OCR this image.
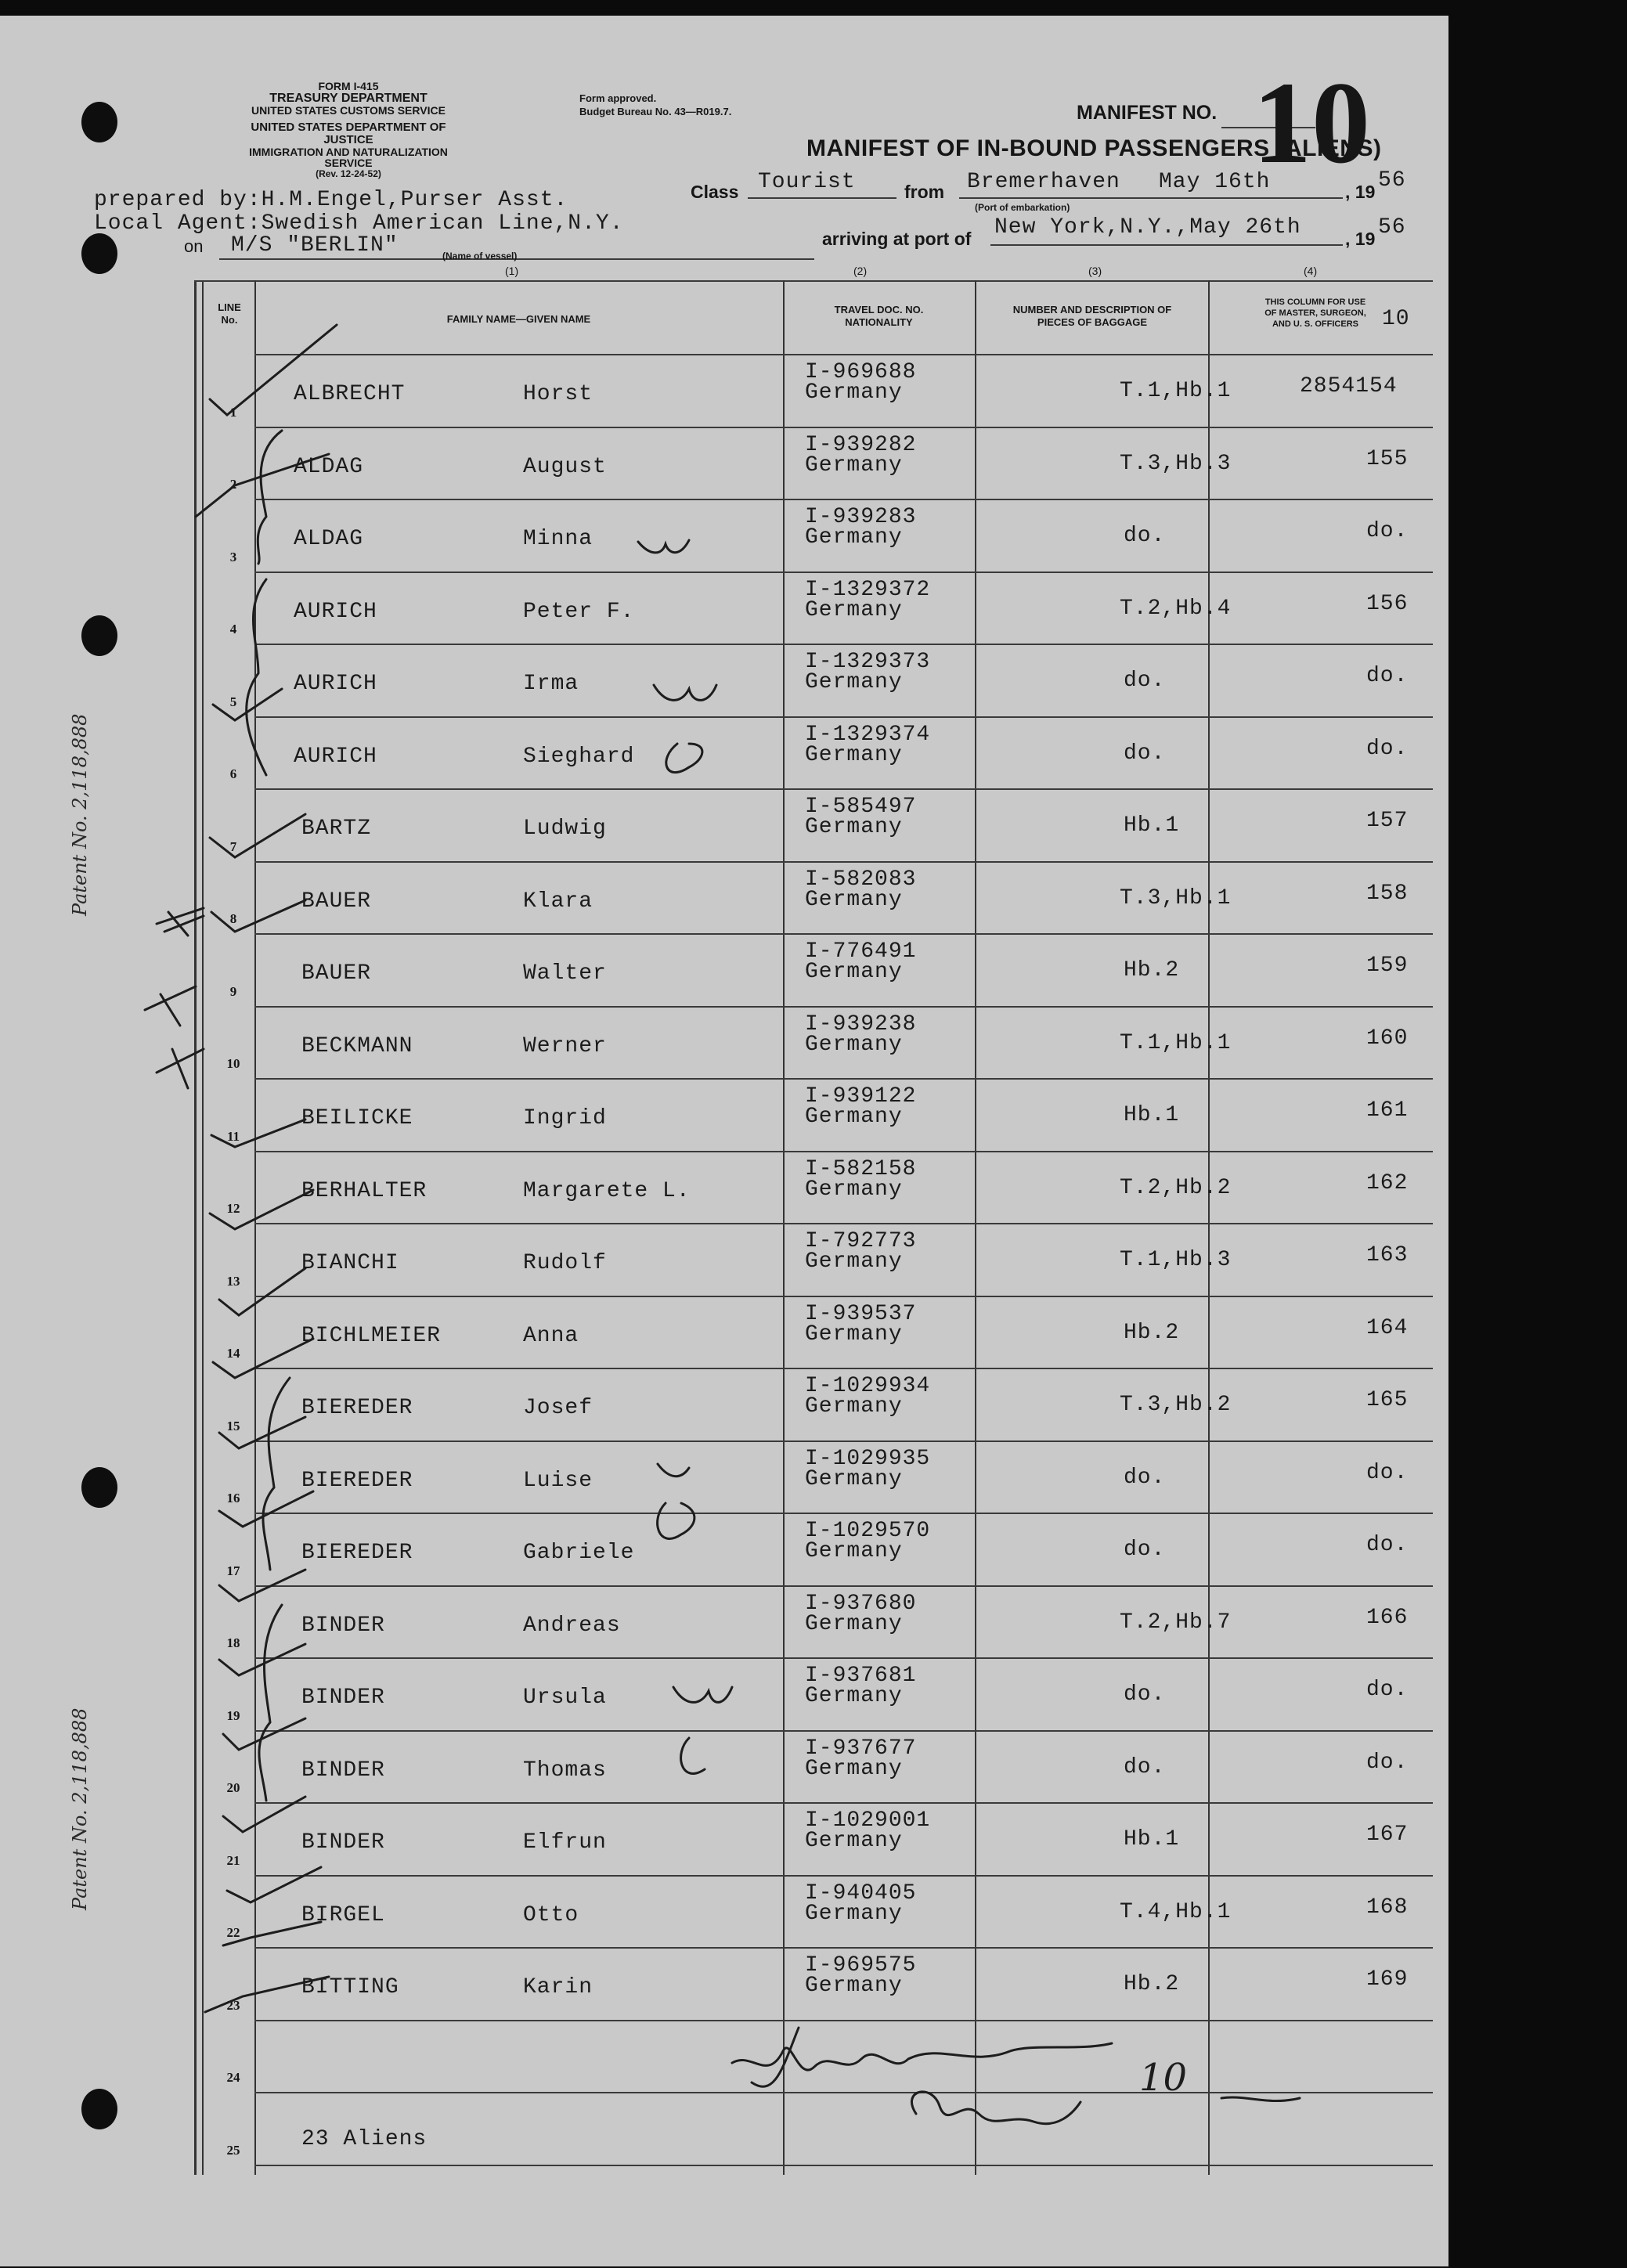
Patent No. 2,118,888
Patent No. 2,118,888
FORM I-415
TREASURY DEPARTMENT
UNITED STATES CUSTOMS SERVICE
UNITED STATES DEPARTMENT OF JUSTICE
IMMIGRATION AND NATURALIZATION SERVICE
(Rev. 12-24-52)
Form approved.
Budget Bureau No. 43—R019.7.	MANIFEST NO. 10
MANIFEST OF IN-BOUND PASSENGERS (ALIENS)
prepared by:H.M.Engel,Purser Asst.
Local Agent:Swedish American Line,N.Y.
on M/S "BERLIN"	(Name of vessel)
(1)
Class Tourist	from Bremerhaven May 16th	, 19 56
(Port of embarkation)
arriving at port of New York,N.Y.,May 26th , 19 56
(2)	(3)	(4)
LINE
No.	FAMILY NAME—GIVEN NAME
TRAVEL DOC. NO.
NATIONALITY
NUMBER AND DESCRIPTION OF
PIECES OF BAGGAGE
THIS COLUMN FOR USE
OF MASTER, SURGEON,
AND U. S. OFFICERS	10
1
ALBRECHT	Horst
I-969688
Germany	T.1,Hb.1	2854154
2
ALDAG	August
I-939282
Germany	T.3,Hb.3	155
3
ALDAG	Minna
I-939283
Germany	do.	do.
4
AURICH	Peter F.
I-1329372
Germany	T.2,Hb.4	156
5
AURICH	Irma
I-1329373
Germany	do.	do.
6
AURICH	Sieghard
I-1329374
Germany	do.	do.
7
BARTZ	Ludwig
I-585497
Germany	Hb.1	157
8
BAUER	Klara
I-582083
Germany	T.3,Hb.1	158
9
BAUER	Walter
I-776491
Germany	Hb.2	159
10
BECKMANN	Werner
I-939238
Germany	T.1,Hb.1	160
11
BEILICKE	Ingrid
I-939122
Germany	Hb.1	161
12
BERHALTER	Margarete L.
I-582158
Germany	T.2,Hb.2	162
13
BIANCHI	Rudolf
I-792773
Germany	T.1,Hb.3	163
14
BICHLMEIER	Anna
I-939537
Germany	Hb.2	164
15
BIEREDER	Josef
I-1029934
Germany	T.3,Hb.2	165
16
BIEREDER	Luise
I-1029935
Germany	do.	do.
17
BIEREDER	Gabriele
I-1029570
Germany	do.	do.
18
BINDER	Andreas
I-937680
Germany	T.2,Hb.7	166
19
BINDER	Ursula
I-937681
Germany	do.	do.
20
BINDER	Thomas
I-937677
Germany	do.	do.
21
BINDER	Elfrun
I-1029001
Germany	Hb.1	167
22
BIRGEL	Otto
I-940405
Germany	T.4,Hb.1	168
23
BITTING	Karin
I-969575
Germany	Hb.2	169
24
25	23 Aliens
10
